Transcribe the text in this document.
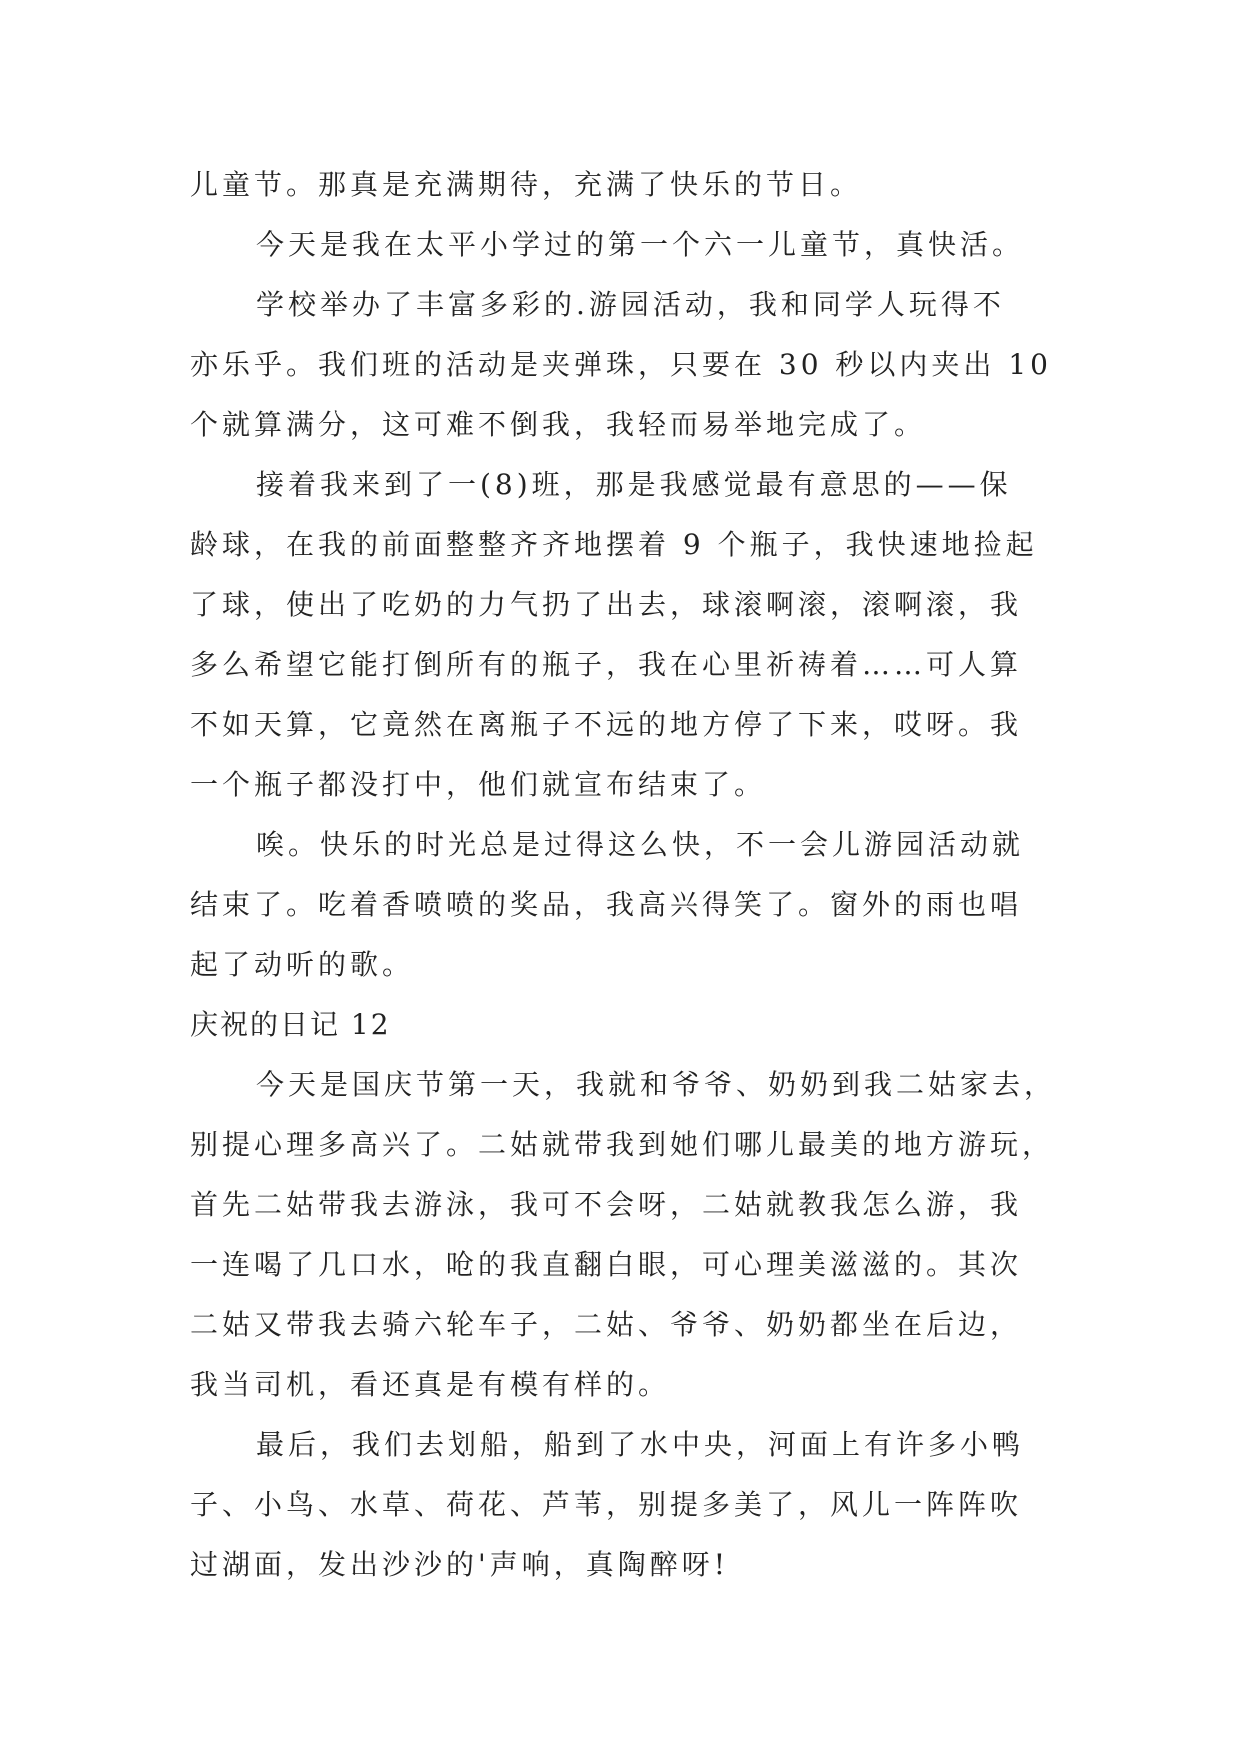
儿童节。那真是充满期待，充满了快乐的节日。
今天是我在太平小学过的第一个六一儿童节，真快活。
学校举办了丰富多彩的.游园活动，我和同学人玩得不
亦乐乎。我们班的活动是夹弹珠，只要在 30 秒以内夹出 10
个就算满分，这可难不倒我，我轻而易举地完成了。
接着我来到了一(8)班，那是我感觉最有意思的——保
龄球，在我的前面整整齐齐地摆着 9 个瓶子，我快速地捡起
了球，使出了吃奶的力气扔了出去，球滚啊滚，滚啊滚，我
多么希望它能打倒所有的瓶子，我在心里祈祷着……可人算
不如天算，它竟然在离瓶子不远的地方停了下来，哎呀。我
一个瓶子都没打中，他们就宣布结束了。
唉。快乐的时光总是过得这么快，不一会儿游园活动就
结束了。吃着香喷喷的奖品，我高兴得笑了。窗外的雨也唱
起了动听的歌。
庆祝的日记 12
今天是国庆节第一天，我就和爷爷、奶奶到我二姑家去，
别提心理多高兴了。二姑就带我到她们哪儿最美的地方游玩，
首先二姑带我去游泳，我可不会呀，二姑就教我怎么游，我
一连喝了几口水，呛的我直翻白眼，可心理美滋滋的。其次
二姑又带我去骑六轮车子，二姑、爷爷、奶奶都坐在后边，
我当司机，看还真是有模有样的。
最后，我们去划船，船到了水中央，河面上有许多小鸭
子、小鸟、水草、荷花、芦苇，别提多美了，风儿一阵阵吹
过湖面，发出沙沙的'声响，真陶醉呀!
